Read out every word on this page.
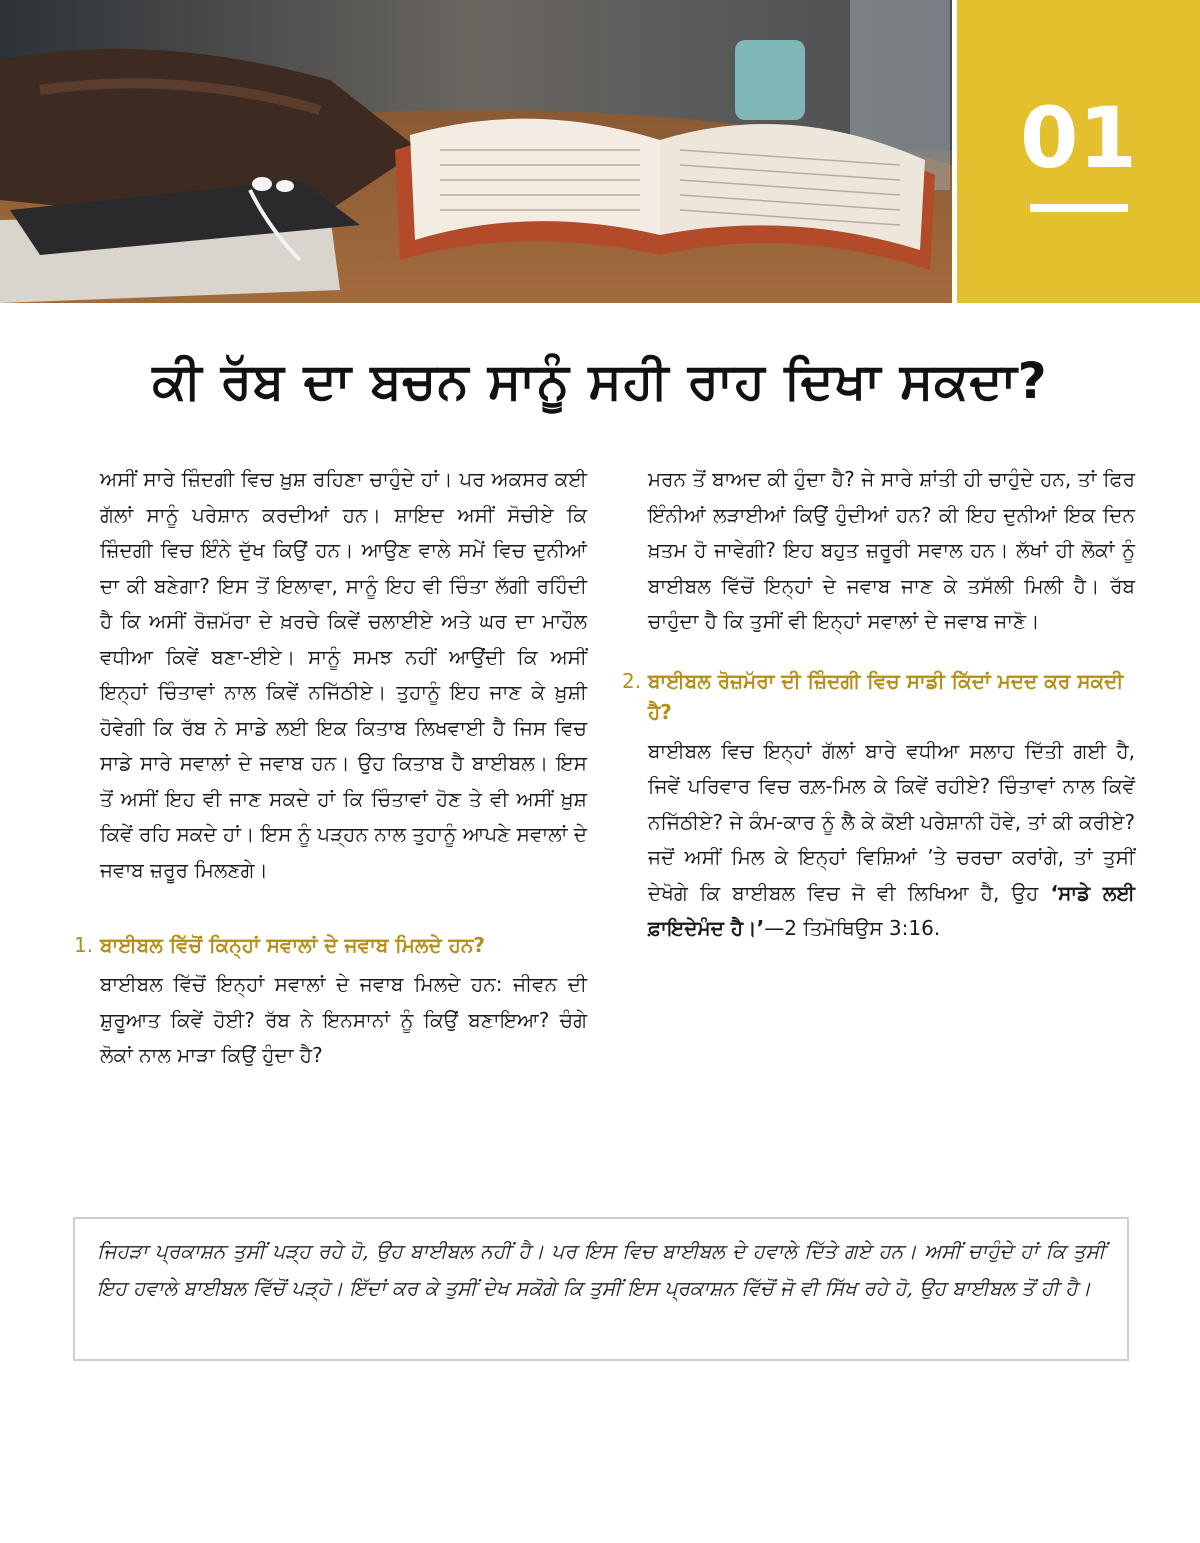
01
ਕੀ ਰੱਬ ਦਾ ਬਚਨ ਸਾਨੂੰ ਸਹੀ ਰਾਹ ਦਿਖਾ ਸਕਦਾ?

ਅਸੀਂ ਸਾਰੇ ਜ਼ਿੰਦਗੀ ਵਿਚ ਖ਼ੁਸ਼ ਰਹਿਣਾ ਚਾਹੁੰਦੇ ਹਾਂ। ਪਰ ਅਕਸਰ ਕਈ ਗੱਲਾਂ ਸਾਨੂੰ ਪਰੇਸ਼ਾਨ ਕਰਦੀਆਂ ਹਨ। ਸ਼ਾਇਦ ਅਸੀਂ ਸੋਚੀਏ ਕਿ ਜ਼ਿੰਦਗੀ ਵਿਚ ਇੰਨੇ ਦੁੱਖ ਕਿਉਂ ਹਨ। ਆਉਣ ਵਾਲੇ ਸਮੇਂ ਵਿਚ ਦੁਨੀਆਂ ਦਾ ਕੀ ਬਣੇਗਾ? ਇਸ ਤੋਂ ਇਲਾਵਾ, ਸਾਨੂੰ ਇਹ ਵੀ ਚਿੰਤਾ ਲੱਗੀ ਰਹਿੰਦੀ ਹੈ ਕਿ ਅਸੀਂ ਰੋਜ਼ਮੱਰਾ ਦੇ ਖ਼ਰਚੇ ਕਿਵੇਂ ਚਲਾਈਏ ਅਤੇ ਘਰ ਦਾ ਮਾਹੌਲ ਵਧੀਆ ਕਿਵੇਂ ਬਣਾ-ਈਏ। ਸਾਨੂੰ ਸਮਝ ਨਹੀਂ ਆਉਂਦੀ ਕਿ ਅਸੀਂ ਇਨ੍ਹਾਂ ਚਿੰਤਾਵਾਂ ਨਾਲ ਕਿਵੇਂ ਨਜਿੱਠੀਏ। ਤੁਹਾਨੂੰ ਇਹ ਜਾਣ ਕੇ ਖ਼ੁਸ਼ੀ ਹੋਵੇਗੀ ਕਿ ਰੱਬ ਨੇ ਸਾਡੇ ਲਈ ਇਕ ਕਿਤਾਬ ਲਿਖਵਾਈ ਹੈ ਜਿਸ ਵਿਚ ਸਾਡੇ ਸਾਰੇ ਸਵਾਲਾਂ ਦੇ ਜਵਾਬ ਹਨ। ਉਹ ਕਿਤਾਬ ਹੈ ਬਾਈਬਲ। ਇਸ ਤੋਂ ਅਸੀਂ ਇਹ ਵੀ ਜਾਣ ਸਕਦੇ ਹਾਂ ਕਿ ਚਿੰਤਾਵਾਂ ਹੋਣ ਤੇ ਵੀ ਅਸੀਂ ਖ਼ੁਸ਼ ਕਿਵੇਂ ਰਹਿ ਸਕਦੇ ਹਾਂ। ਇਸ ਨੂੰ ਪੜ੍ਹਨ ਨਾਲ ਤੁਹਾਨੂੰ ਆਪਣੇ ਸਵਾਲਾਂ ਦੇ ਜਵਾਬ ਜ਼ਰੂਰ ਮਿਲਣਗੇ।

1. ਬਾਈਬਲ ਵਿੱਚੋਂ ਕਿਨ੍ਹਾਂ ਸਵਾਲਾਂ ਦੇ ਜਵਾਬ ਮਿਲਦੇ ਹਨ?

ਬਾਈਬਲ ਵਿੱਚੋਂ ਇਨ੍ਹਾਂ ਸਵਾਲਾਂ ਦੇ ਜਵਾਬ ਮਿਲਦੇ ਹਨ: ਜੀਵਨ ਦੀ ਸ਼ੁਰੂਆਤ ਕਿਵੇਂ ਹੋਈ? ਰੱਬ ਨੇ ਇਨਸਾਨਾਂ ਨੂੰ ਕਿਉਂ ਬਣਾਇਆ? ਚੰਗੇ ਲੋਕਾਂ ਨਾਲ ਮਾੜਾ ਕਿਉਂ ਹੁੰਦਾ ਹੈ?

ਮਰਨ ਤੋਂ ਬਾਅਦ ਕੀ ਹੁੰਦਾ ਹੈ? ਜੇ ਸਾਰੇ ਸ਼ਾਂਤੀ ਹੀ ਚਾਹੁੰਦੇ ਹਨ, ਤਾਂ ਫਿਰ ਇੰਨੀਆਂ ਲੜਾਈਆਂ ਕਿਉਂ ਹੁੰਦੀਆਂ ਹਨ? ਕੀ ਇਹ ਦੁਨੀਆਂ ਇਕ ਦਿਨ ਖ਼ਤਮ ਹੋ ਜਾਵੇਗੀ? ਇਹ ਬਹੁਤ ਜ਼ਰੂਰੀ ਸਵਾਲ ਹਨ। ਲੱਖਾਂ ਹੀ ਲੋਕਾਂ ਨੂੰ ਬਾਈਬਲ ਵਿੱਚੋਂ ਇਨ੍ਹਾਂ ਦੇ ਜਵਾਬ ਜਾਣ ਕੇ ਤਸੱਲੀ ਮਿਲੀ ਹੈ। ਰੱਬ ਚਾਹੁੰਦਾ ਹੈ ਕਿ ਤੁਸੀਂ ਵੀ ਇਨ੍ਹਾਂ ਸਵਾਲਾਂ ਦੇ ਜਵਾਬ ਜਾਣੋ।

2. ਬਾਈਬਲ ਰੋਜ਼ਮੱਰਾ ਦੀ ਜ਼ਿੰਦਗੀ ਵਿਚ ਸਾਡੀ ਕਿੱਦਾਂ ਮਦਦ ਕਰ ਸਕਦੀ ਹੈ?

ਬਾਈਬਲ ਵਿਚ ਇਨ੍ਹਾਂ ਗੱਲਾਂ ਬਾਰੇ ਵਧੀਆ ਸਲਾਹ ਦਿੱਤੀ ਗਈ ਹੈ, ਜਿਵੇਂ ਪਰਿਵਾਰ ਵਿਚ ਰਲ਼-ਮਿਲ ਕੇ ਕਿਵੇਂ ਰਹੀਏ? ਚਿੰਤਾਵਾਂ ਨਾਲ ਕਿਵੇਂ ਨਜਿੱਠੀਏ? ਜੇ ਕੰਮ-ਕਾਰ ਨੂੰ ਲੈ ਕੇ ਕੋਈ ਪਰੇਸ਼ਾਨੀ ਹੋਵੇ, ਤਾਂ ਕੀ ਕਰੀਏ? ਜਦੋਂ ਅਸੀਂ ਮਿਲ ਕੇ ਇਨ੍ਹਾਂ ਵਿਸ਼ਿਆਂ ’ਤੇ ਚਰਚਾ ਕਰਾਂਗੇ, ਤਾਂ ਤੁਸੀਂ ਦੇਖੋਗੇ ਕਿ ਬਾਈਬਲ ਵਿਚ ਜੋ ਵੀ ਲਿਖਿਆ ਹੈ, ਉਹ ‘ਸਾਡੇ ਲਈ ਫ਼ਾਇਦੇਮੰਦ ਹੈ।’—2 ਤਿਮੋਥਿਉਸ 3:16.

ਜਿਹੜਾ ਪ੍ਰਕਾਸ਼ਨ ਤੁਸੀਂ ਪੜ੍ਹ ਰਹੇ ਹੋ, ਉਹ ਬਾਈਬਲ ਨਹੀਂ ਹੈ। ਪਰ ਇਸ ਵਿਚ ਬਾਈਬਲ ਦੇ ਹਵਾਲੇ ਦਿੱਤੇ ਗਏ ਹਨ। ਅਸੀਂ ਚਾਹੁੰਦੇ ਹਾਂ ਕਿ ਤੁਸੀਂ ਇਹ ਹਵਾਲੇ ਬਾਈਬਲ ਵਿੱਚੋਂ ਪੜ੍ਹੋ। ਇੱਦਾਂ ਕਰ ਕੇ ਤੁਸੀਂ ਦੇਖ ਸਕੋਗੇ ਕਿ ਤੁਸੀਂ ਇਸ ਪ੍ਰਕਾਸ਼ਨ ਵਿੱਚੋਂ ਜੋ ਵੀ ਸਿੱਖ ਰਹੇ ਹੋ, ਉਹ ਬਾਈਬਲ ਤੋਂ ਹੀ ਹੈ।
